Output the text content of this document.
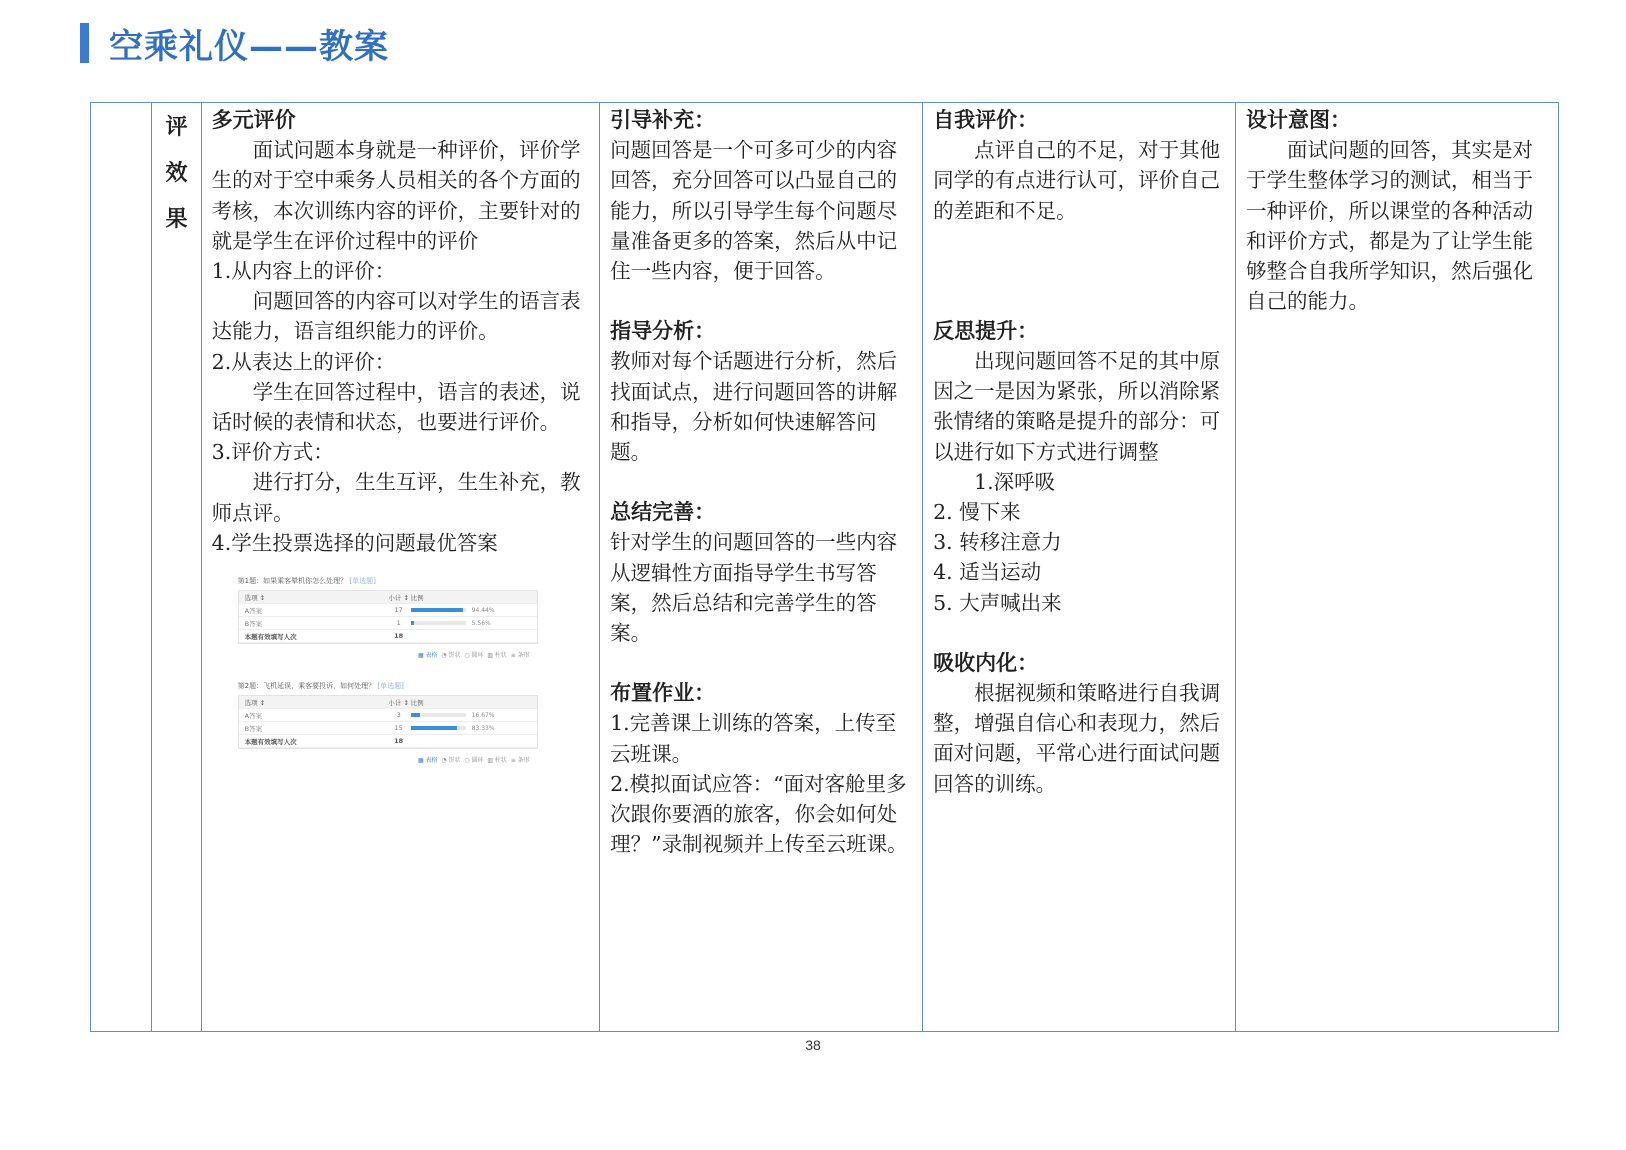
空乘礼仪——教案

评
效
果

多元评价

面试问题本身就是一种评价，评价学生的对于空中乘务人员相关的各个方面的考核，本次训练内容的评价，主要针对的就是学生在评价过程中的评价

1.从内容上的评价：

问题回答的内容可以对学生的语言表达能力，语言组织能力的评价。

2.从表达上的评价：

学生在回答过程中，语言的表述，说话时候的表情和状态，也要进行评价。

3.评价方式：

进行打分，生生互评，生生补充，教师点评。

4.学生投票选择的问题最优答案

第1题：如果乘客晕机你怎么处理？ [单选题]
选项 ↕	小计 ↕ 比例
A答案	17	94.44%
B答案	1	5.56%
本题有效填写人次	18
▦ 表格  ◔ 饼状  ○ 圆环  ▥ 柱状  ≡ 条形
第2题：飞机延误，乘客要投诉，如何处理？ [单选题]
选项 ↕	小计 ↕ 比例
A答案	3	16.67%
B答案	15	83.33%
本题有效填写人次	18
▦ 表格  ◔ 饼状  ○ 圆环  ▥ 柱状  ≡ 条形

引导补充：

问题回答是一个可多可少的内容回答，充分回答可以凸显自己的能力，所以引导学生每个问题尽量准备更多的答案，然后从中记住一些内容，便于回答。

指导分析：

教师对每个话题进行分析，然后找面试点，进行问题回答的讲解和指导，分析如何快速解答问题。

总结完善：

针对学生的问题回答的一些内容从逻辑性方面指导学生书写答案，然后总结和完善学生的答案。

布置作业：

1.完善课上训练的答案，上传至云班课。

2.模拟面试应答：“面对客舱里多次跟你要酒的旅客，你会如何处理？”录制视频并上传至云班课。

自我评价：

点评自己的不足，对于其他同学的有点进行认可，评价自己的差距和不足。

反思提升：

出现问题回答不足的其中原因之一是因为紧张，所以消除紧张情绪的策略是提升的部分：可以进行如下方式进行调整

1.深呼吸

2. 慢下来

3. 转移注意力

4. 适当运动

5. 大声喊出来

吸收内化：

根据视频和策略进行自我调整，增强自信心和表现力，然后面对问题，平常心进行面试问题回答的训练。

设计意图：

面试问题的回答，其实是对于学生整体学习的测试，相当于一种评价，所以课堂的各种活动和评价方式，都是为了让学生能够整合自我所学知识，然后强化自己的能力。

38
